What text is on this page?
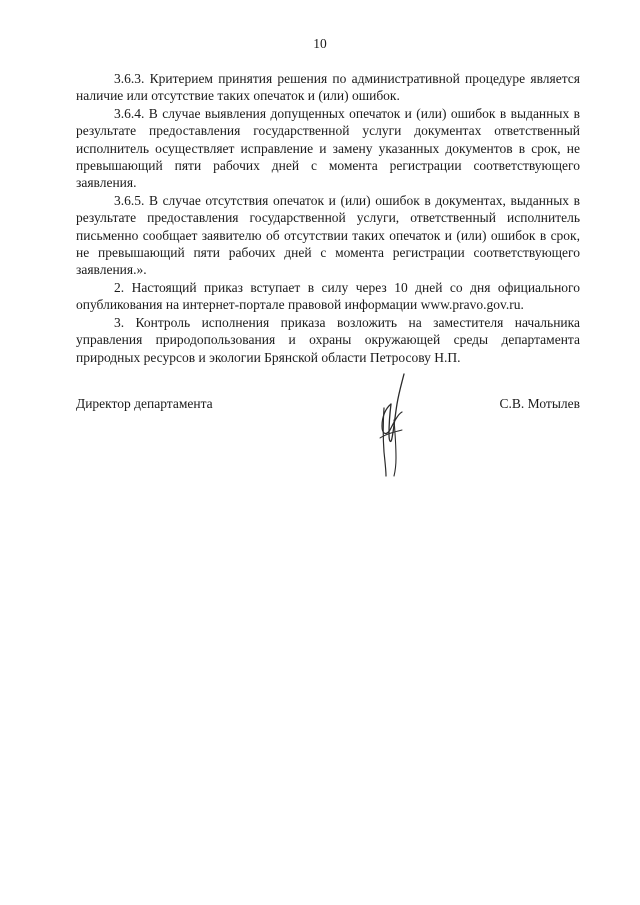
10

3.6.3. Критерием принятия решения по административной процедуре является наличие или отсутствие таких опечаток и (или) ошибок.

3.6.4. В случае выявления допущенных опечаток и (или) ошибок в выданных в результате предоставления государственной услуги документах ответственный исполнитель осуществляет исправление и замену указанных документов в срок, не превышающий пяти рабочих дней с момента регистрации соответствующего заявления.

3.6.5. В случае отсутствия опечаток и (или) ошибок в документах, выданных в результате предоставления государственной услуги, ответственный исполнитель письменно сообщает заявителю об отсутствии таких опечаток и (или) ошибок в срок, не превышающий пяти рабочих дней с момента регистрации соответствующего заявления.».

2. Настоящий приказ вступает в силу через 10 дней со дня официального опубликования на интернет-портале правовой информации www.pravo.gov.ru.

3. Контроль исполнения приказа возложить на заместителя начальника управления природопользования и охраны окружающей среды департамента природных ресурсов и экологии Брянской области Петросову Н.П.

Директор департамента	С.В. Мотылев
